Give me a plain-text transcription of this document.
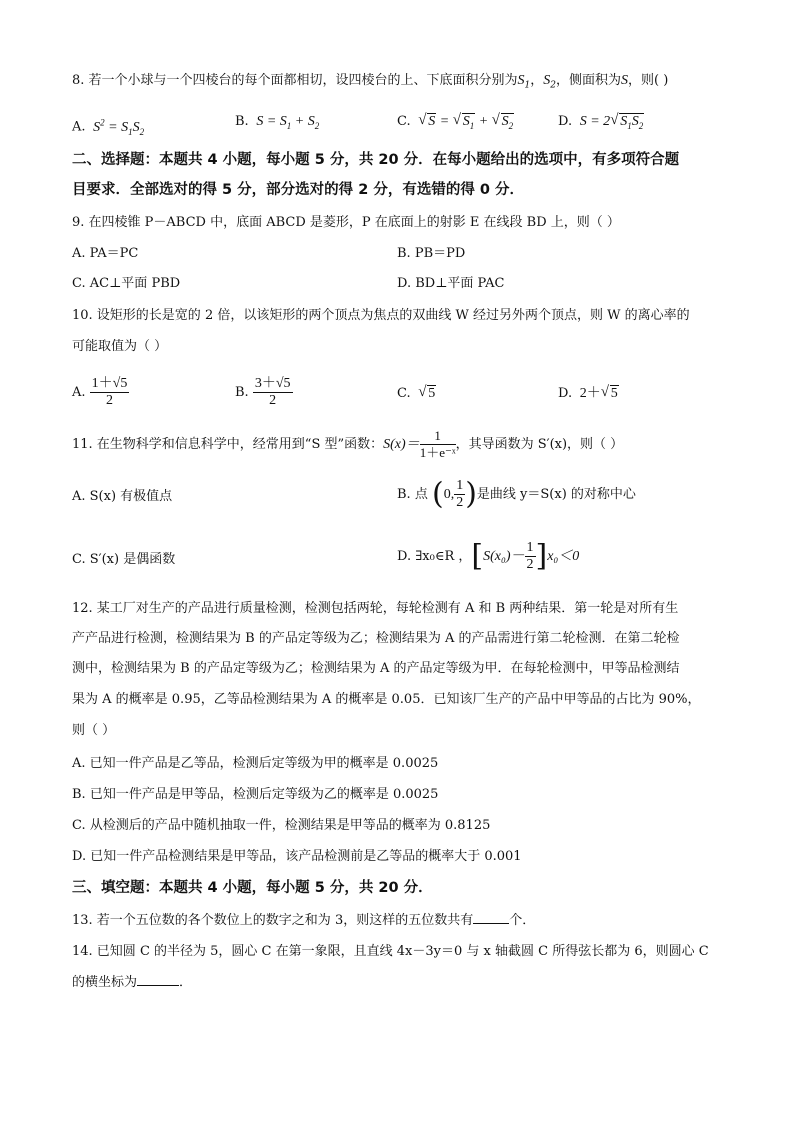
8. 若一个小球与一个四棱台的每个面都相切，设四棱台的上、下底面积分别为$S_1$，$S_2$，侧面积为S，则( )
A.  $S^2 = S_1S_2$
B.  $S = S_1 + S_2$	C. √ S = √ $S_1$ + √ $S_2$	D.  S = 2 √ $S_1S_2$
二、选择题：本题共 4 小题，每小题 5 分，共 20 分．在每小题给出的选项中，有多项符合题
目要求．全部选对的得 5 分，部分选对的得 2 分，有选错的得 0 分．
9. 在四棱锥 P－ABCD 中，底面 ABCD 是菱形，P 在底面上的射影 E 在线段 BD 上，则（ ）
A. PA＝PC	B. PB＝PD
C. AC⊥平面 PBD	D. BD⊥平面 PAC
10. 设矩形的长是宽的 2 倍，以该矩形的两个顶点为焦点的双曲线 W 经过另外两个顶点，则 W 的离心率的
可能取值为（ ）
A. $\frac{1+√5}{2}$	B. $\frac{3+√5}{2}$	C. √ 5	D. 2＋ √ 5
11. 在生物科学和信息科学中，经常用到“S 型”函数：$S(x)= \frac{1}{\text{1＋e⁻ˣ}}$ ，其导函数为 S′(x)，则（ ）
A. S(x) 有极值点	B. 点 (0, $\frac{1}{2}$ )是曲线 y＝S(x) 的对称中心
C. S′(x) 是偶函数	D. ∃x₀∈R ，$[S(x_0)- \frac{1}{2} ]x_0<0$
12. 某工厂对生产的产品进行质量检测，检测包括两轮，每轮检测有 A 和 B 两种结果．第一轮是对所有生
产产品进行检测，检测结果为 B 的产品定等级为乙；检测结果为 A 的产品需进行第二轮检测．在第二轮检
测中，检测结果为 B 的产品定等级为乙；检测结果为 A 的产品定等级为甲．在每轮检测中，甲等品检测结
果为 A 的概率是 0.95，乙等品检测结果为 A 的概率是 0.05．已知该厂生产的产品中甲等品的占比为 90%，
则（ ）
A. 已知一件产品是乙等品，检测后定等级为甲的概率是 0.0025
B. 已知一件产品是甲等品，检测后定等级为乙的概率是 0.0025
C. 从检测后的产品中随机抽取一件，检测结果是甲等品的概率为 0.8125
D. 已知一件产品检测结果是甲等品，该产品检测前是乙等品的概率大于 0.001
三、填空题：本题共 4 小题，每小题 5 分，共 20 分．
13. 若一个五位数的各个数位上的数字之和为 3，则这样的五位数共有	个．
14. 已知圆 C 的半径为 5，圆心 C 在第一象限，且直线 4x－3y＝0 与 x 轴截圆 C 所得弦长都为 6，则圆心 C
的横坐标为	．
